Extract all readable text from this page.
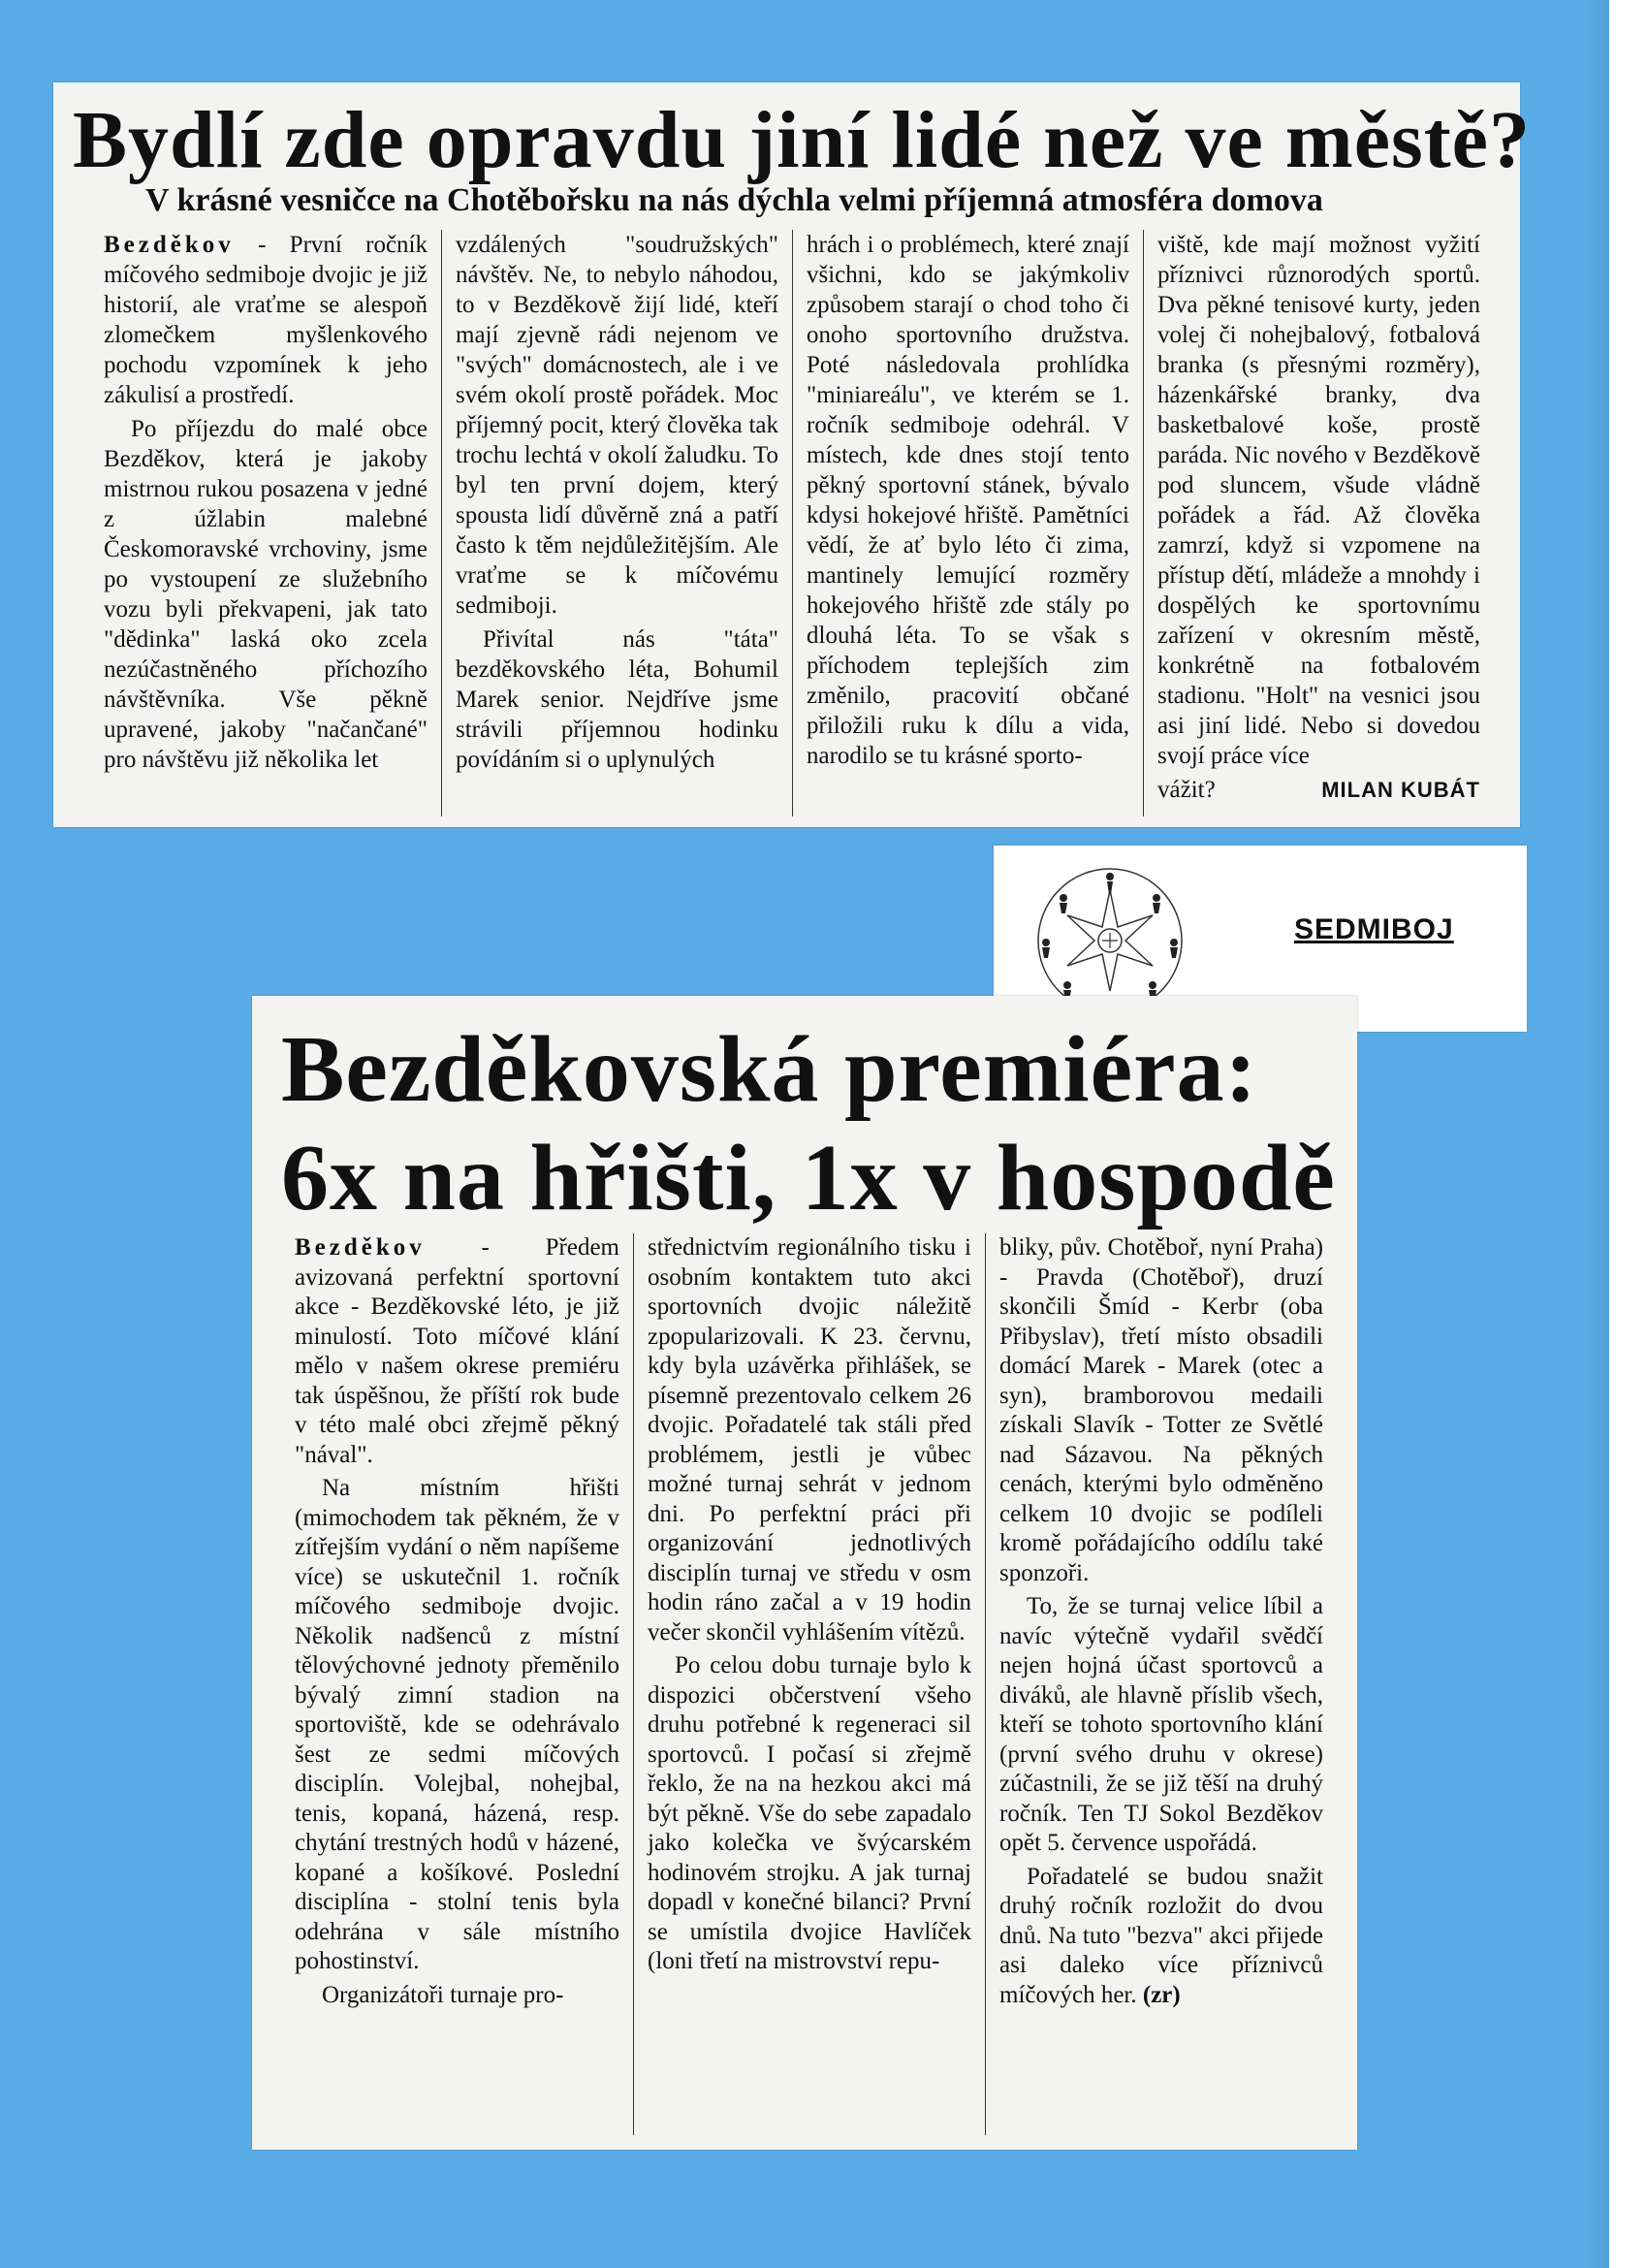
Bydlí zde opravdu jiní lidé než ve městě?
V krásné vesničce na Chotěbořsku na nás dýchla velmi příjemná atmosféra domova

Bezděkov - První ročník míčového sedmiboje dvojic je již historií, ale vraťme se alespoň zlomečkem myšlenkového pochodu vzpomínek k jeho zákulisí a prostředí.

Po příjezdu do malé obce Bezděkov, která je jakoby mistrnou rukou posazena v jedné z úžlabin malebné Českomoravské vrchoviny, jsme po vystoupení ze služebního vozu byli překvapeni, jak tato "dědinka" laská oko zcela nezúčastněného příchozího návštěvníka. Vše pěkně upravené, jakoby "načančané" pro návštěvu již několika let

vzdálených "soudružských" návštěv. Ne, to nebylo náhodou, to v Bezděkově žijí lidé, kteří mají zjevně rádi nejenom ve "svých" domácnostech, ale i ve svém okolí prostě pořádek. Moc příjemný pocit, který člověka tak trochu lechtá v okolí žaludku. To byl ten první dojem, který spousta lidí důvěrně zná a patří často k těm nejdůležitějším. Ale vraťme se k míčovému sedmiboji.

Přivítal nás "táta" bezděkovského léta, Bohumil Marek senior. Nejdříve jsme strávili příjemnou hodinku povídáním si o uplynulých

hrách i o problémech, které znají všichni, kdo se jakýmkoliv způsobem starají o chod toho či onoho sportovního družstva. Poté následovala prohlídka "miniareálu", ve kterém se 1. ročník sedmiboje odehrál. V místech, kde dnes stojí tento pěkný sportovní stánek, bývalo kdysi hokejové hřiště. Pamětníci vědí, že ať bylo léto či zima, mantinely lemující rozměry hokejového hřiště zde stály po dlouhá léta. To se však s příchodem teplejších zim změnilo, pracovití občané přiložili ruku k dílu a vida, narodilo se tu krásné sporto-

viště, kde mají možnost vyžití příznivci různorodých sportů. Dva pěkné tenisové kurty, jeden volej či nohejbalový, fotbalová branka (s přesnými rozměry), házenkářské branky, dva basketbalové koše, prostě paráda. Nic nového v Bezděkově pod sluncem, všude vládně pořádek a řád. Až člověka zamrzí, když si vzpomene na přístup dětí, mládeže a mnohdy i dospělých ke sportovnímu zařízení v okresním městě, konkrétně na fotbalovém stadionu. "Holt" na vesnici jsou asi jiní lidé. Nebo si dovedou svojí práce více

vážit?	MILAN KUBÁT
SEDMIBOJ
Bezděkovská premiéra:
6x na hřišti, 1x v hospodě

Bezděkov - Předem avizovaná perfektní sportovní akce - Bezděkovské léto, je již minulostí. Toto míčové klání mělo v našem okrese premiéru tak úspěšnou, že příští rok bude v této malé obci zřejmě pěkný "nával".

Na místním hřišti (mimochodem tak pěkném, že v zítřejším vydání o něm napíšeme více) se uskutečnil 1. ročník míčového sedmiboje dvojic. Několik nadšenců z místní tělovýchovné jednoty přeměnilo bývalý zimní stadion na sportoviště, kde se odehrávalo šest ze sedmi míčových disciplín. Volejbal, nohejbal, tenis, kopaná, házená, resp. chytání trestných hodů v házené, kopané a košíkové. Poslední disciplína - stolní tenis byla odehrána v sále místního pohostinství.

Organizátoři turnaje pro-

střednictvím regionálního tisku i osobním kontaktem tuto akci sportovních dvojic náležitě zpopularizovali. K 23. červnu, kdy byla uzávěrka přihlášek, se písemně prezentovalo celkem 26 dvojic. Pořadatelé tak stáli před problémem, jestli je vůbec možné turnaj sehrát v jednom dni. Po perfektní práci při organizování jednotlivých disciplín turnaj ve středu v osm hodin ráno začal a v 19 hodin večer skončil vyhlášením vítězů.

Po celou dobu turnaje bylo k dispozici občerstvení všeho druhu potřebné k regeneraci sil sportovců. I počasí si zřejmě řeklo, že na na hezkou akci má být pěkně. Vše do sebe zapadalo jako kolečka ve švýcarském hodinovém strojku. A jak turnaj dopadl v konečné bilanci? První se umístila dvojice Havlíček (loni třetí na mistrovství repu-

bliky, pův. Chotěboř, nyní Praha) - Pravda (Chotěboř), druzí skončili Šmíd - Kerbr (oba Přibyslav), třetí místo obsadili domácí Marek - Marek (otec a syn), bramborovou medaili získali Slavík - Totter ze Světlé nad Sázavou. Na pěkných cenách, kterými bylo odměněno celkem 10 dvojic se podíleli kromě pořádajícího oddílu také sponzoři.

To, že se turnaj velice líbil a navíc výtečně vydařil svědčí nejen hojná účast sportovců a diváků, ale hlavně příslib všech, kteří se tohoto sportovního klání (první svého druhu v okrese) zúčastnili, že se již těší na druhý ročník. Ten TJ Sokol Bezděkov opět 5. července uspořádá.

Pořadatelé se budou snažit druhý ročník rozložit do dvou dnů. Na tuto "bezva" akci přijede asi daleko více příznivců míčových her. (zr)
